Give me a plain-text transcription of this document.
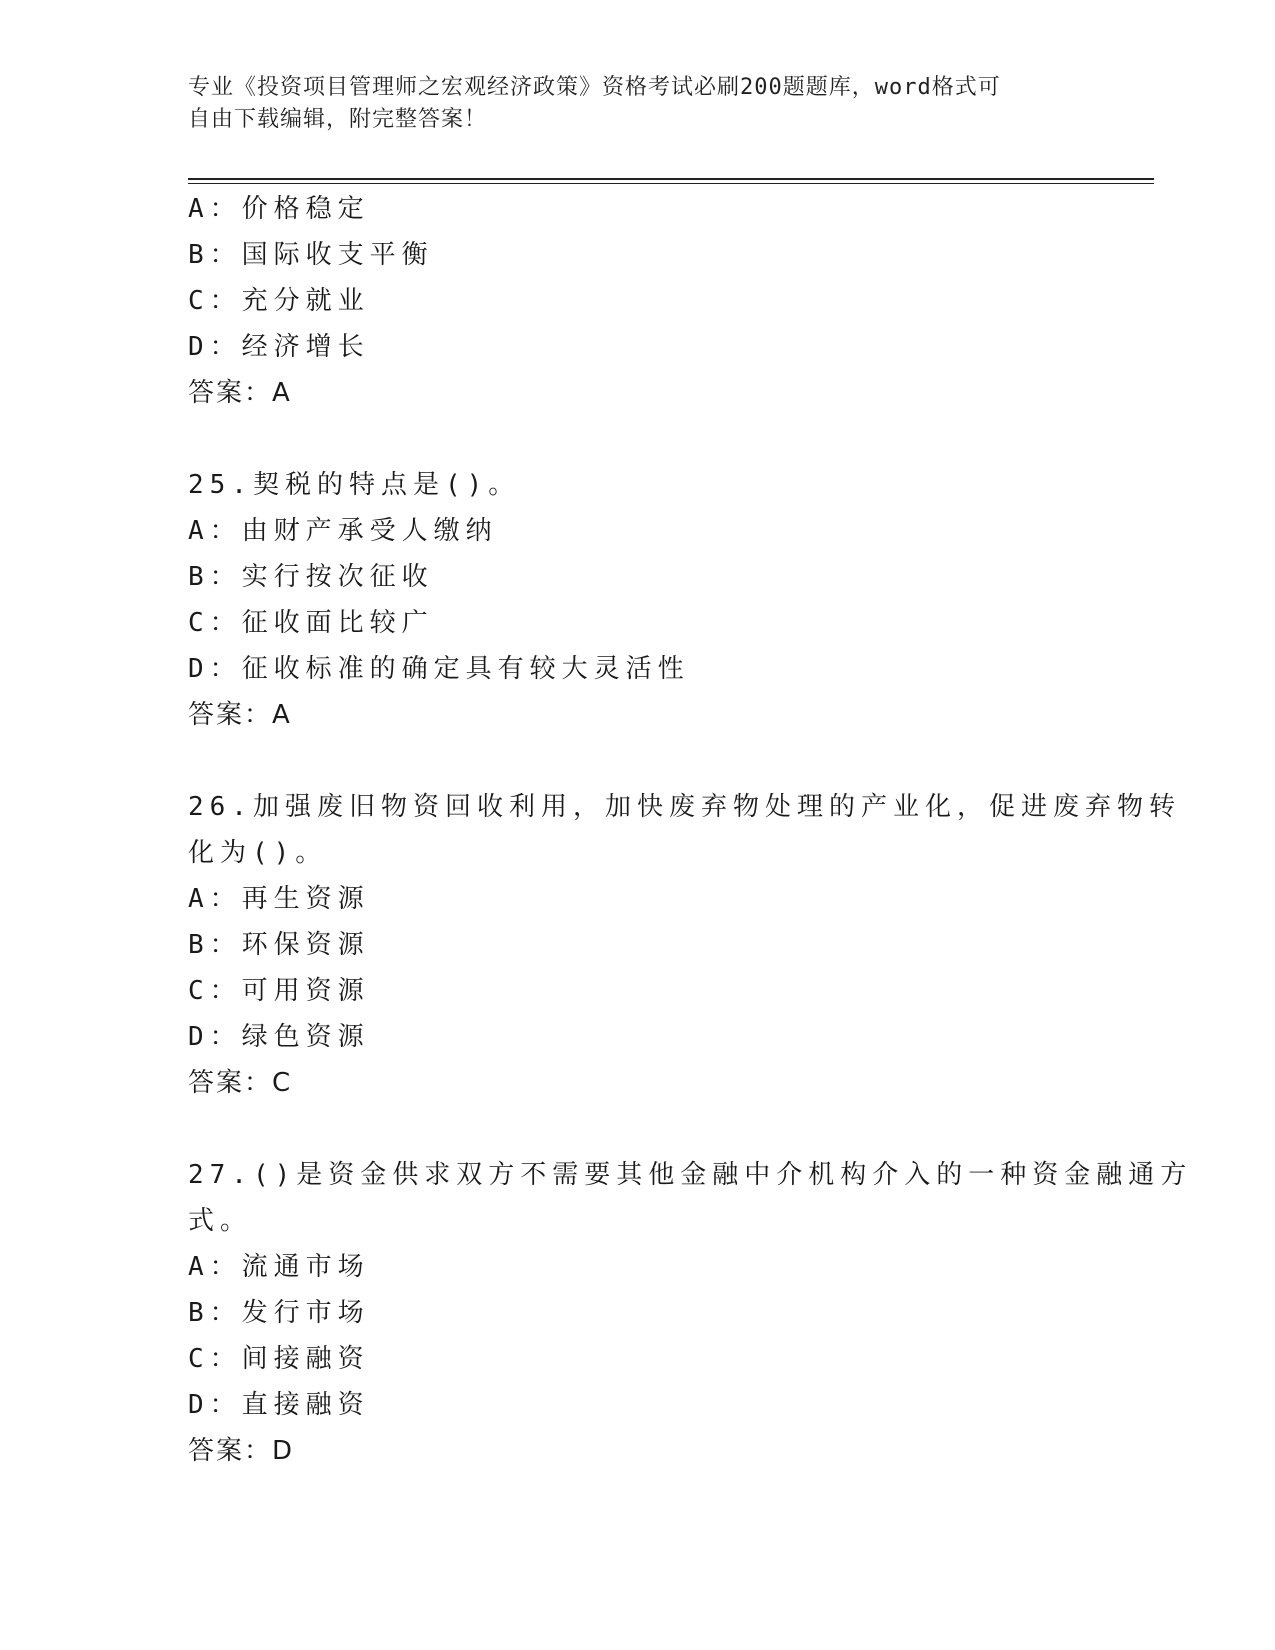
专业《投资项目管理师之宏观经济政策》资格考试必刷200题题库，word格式可
自由下载编辑，附完整答案！
A：价格稳定
B：国际收支平衡
C：充分就业
D：经济增长
答案：A
25.契税的特点是()。
A：由财产承受人缴纳
B：实行按次征收
C：征收面比较广
D：征收标准的确定具有较大灵活性
答案：A
26.加强废旧物资回收利用，加快废弃物处理的产业化，促进废弃物转
化为()。
A：再生资源
B：环保资源
C：可用资源
D：绿色资源
答案：C
27.()是资金供求双方不需要其他金融中介机构介入的一种资金融通方
式。
A：流通市场
B：发行市场
C：间接融资
D：直接融资
答案：D
